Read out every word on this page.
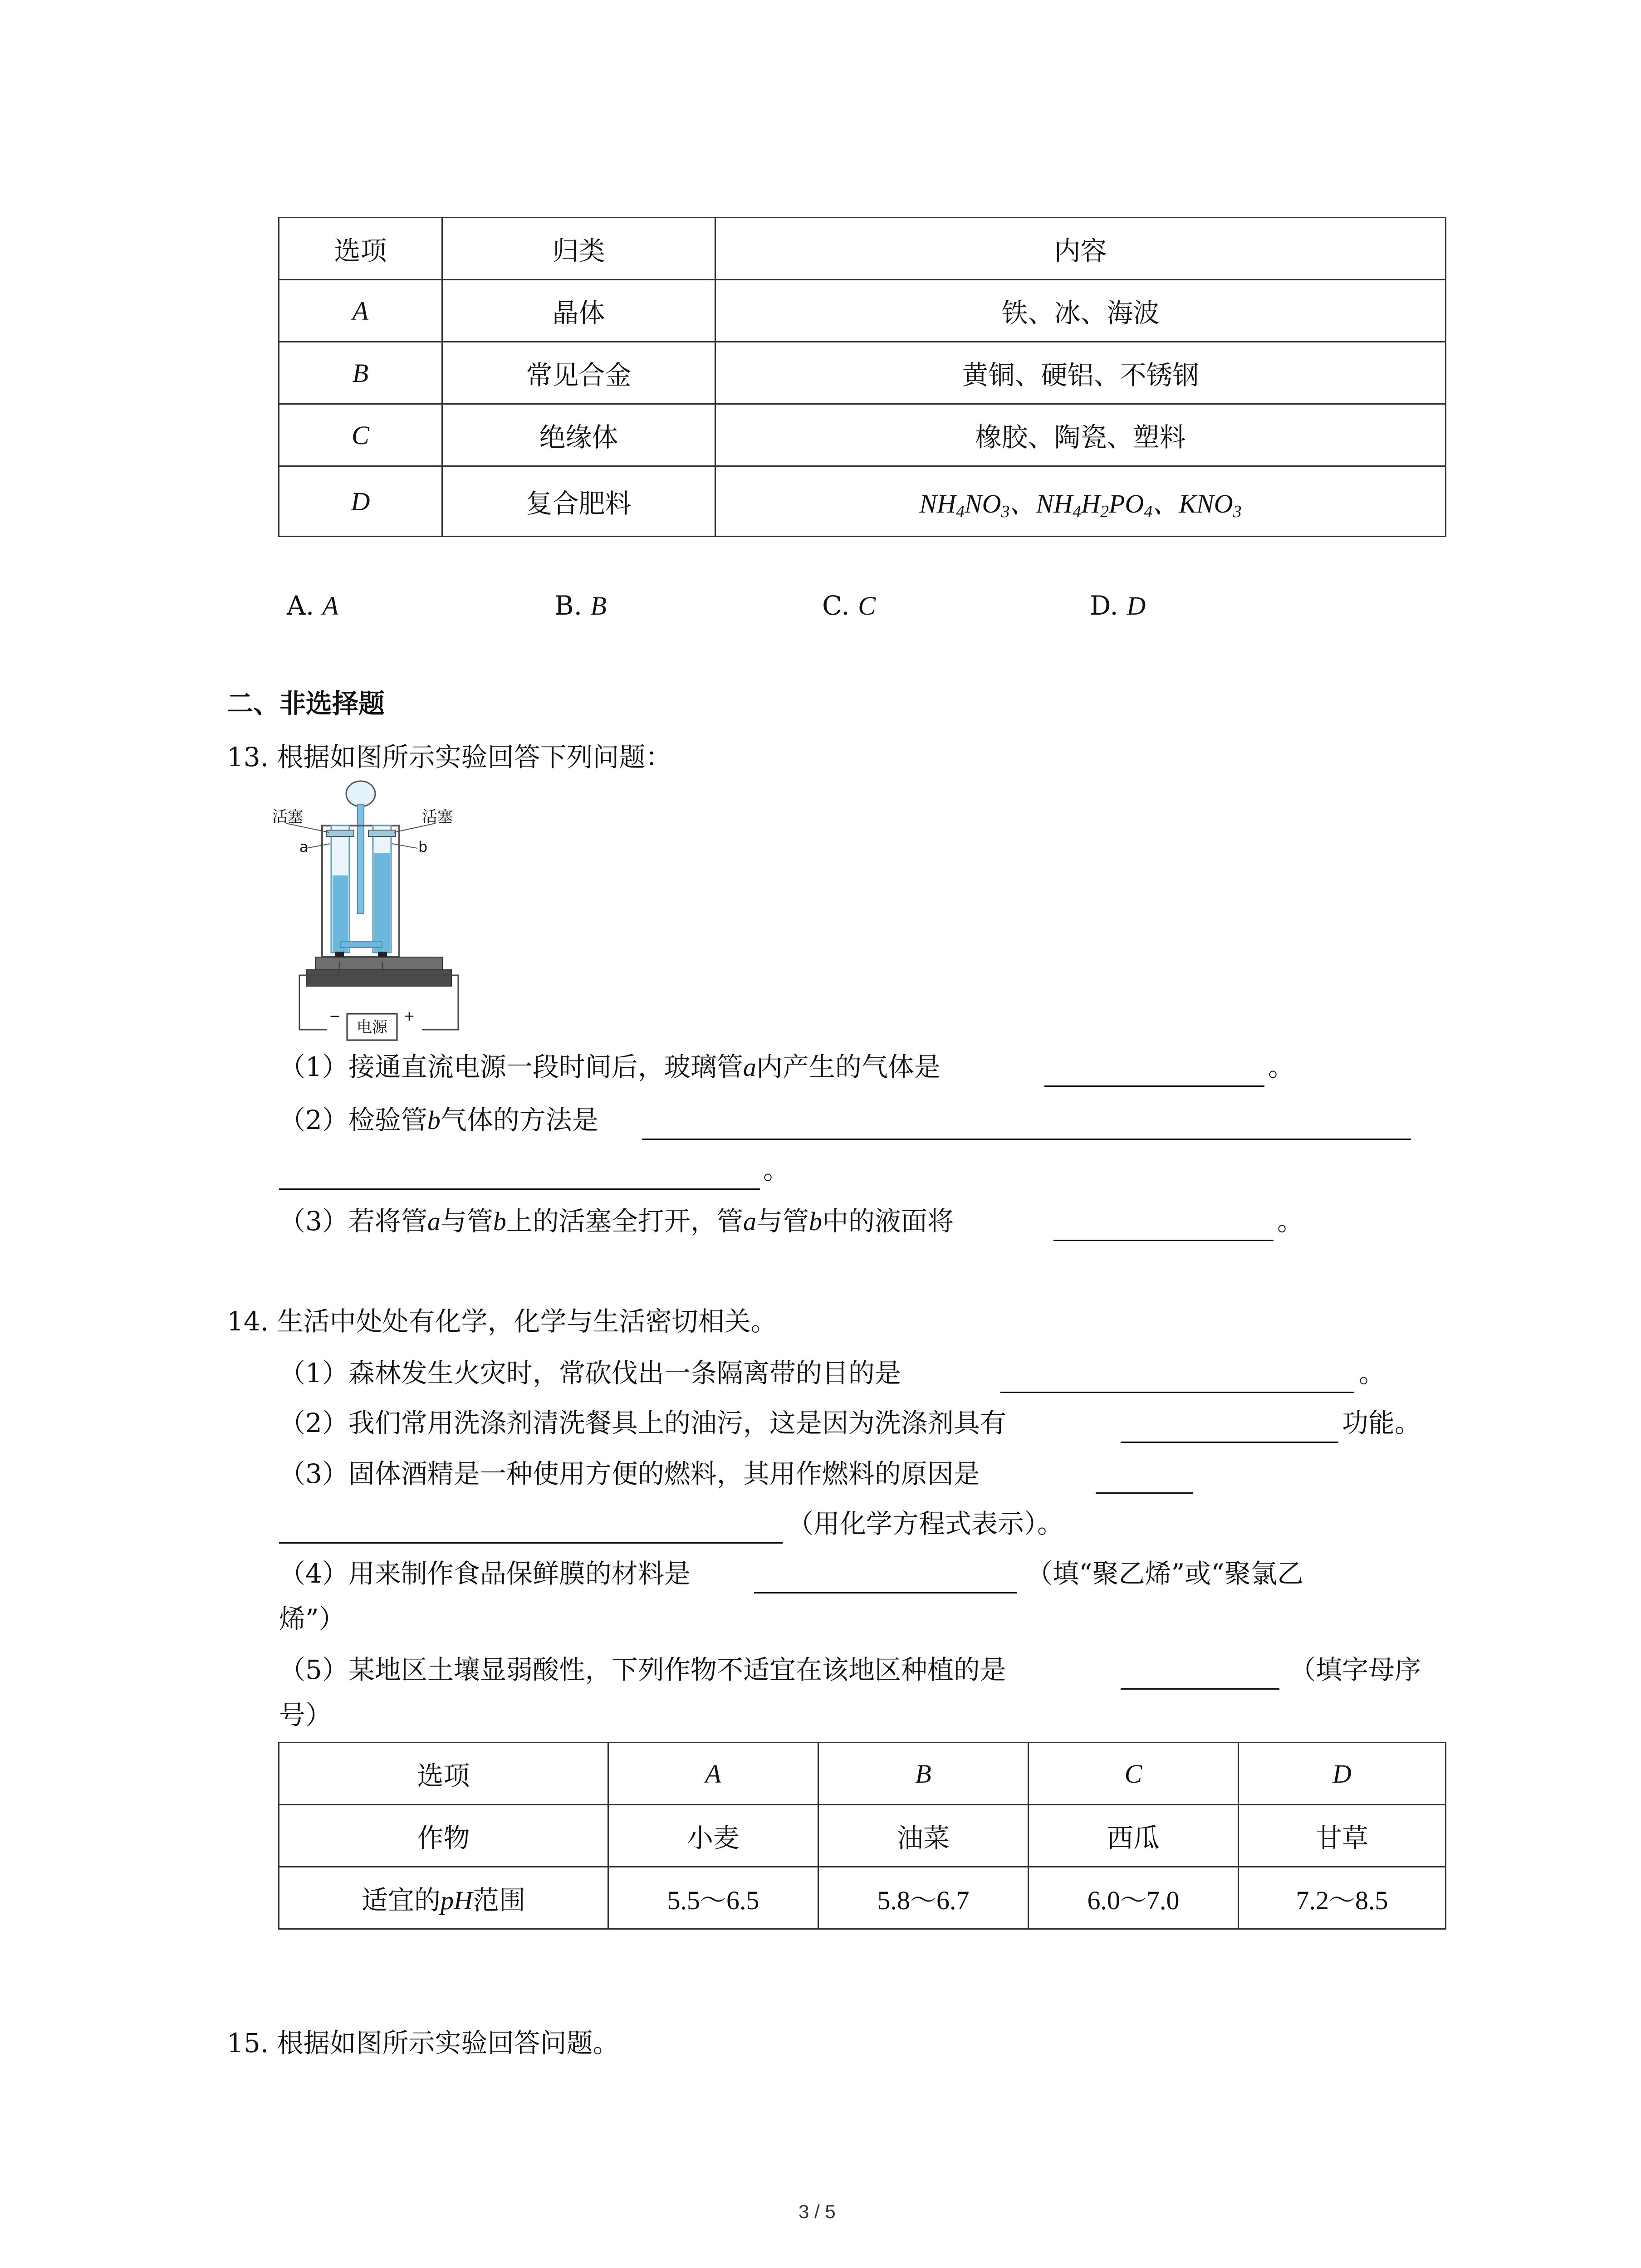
选项	归类	内容
A	晶体	铁、冰、海波
B	常见合金	黄铜、硬铝、不锈钢
C	绝缘体	橡胶、陶瓷、塑料
D	复合肥料	$NH_4NO_3$、$NH_4H_2PO_4$、$KNO_3$
A. A	B. B	C. C	D. D
二、非选择题
13. 根据如图所示实验回答下列问题：
电源
−	+
活塞	活塞
a	b
（1）接通直流电源一段时间后，玻璃管a内产生的气体是	。
（2）检验管b气体的方法是
。
（3）若将管a与管b上的活塞全打开，管a与管b中的液面将	。
14. 生活中处处有化学，化学与生活密切相关。
（1）森林发生火灾时，常砍伐出一条隔离带的目的是	。
（2）我们常用洗涤剂清洗餐具上的油污，这是因为洗涤剂具有	功能。
（3）固体酒精是一种使用方便的燃料，其用作燃料的原因是
（用化学方程式表示）。
（4）用来制作食品保鲜膜的材料是	（填“聚乙烯”或“聚氯乙
烯”）
（5）某地区土壤显弱酸性，下列作物不适宜在该地区种植的是	（填字母序
号）
选项	A	B	C	D
作物	小麦	油菜	西瓜	甘草
适宜的pH范围	5.5～6.5	5.8～6.7	6.0～7.0	7.2～8.5
15. 根据如图所示实验回答问题。
3 / 5
